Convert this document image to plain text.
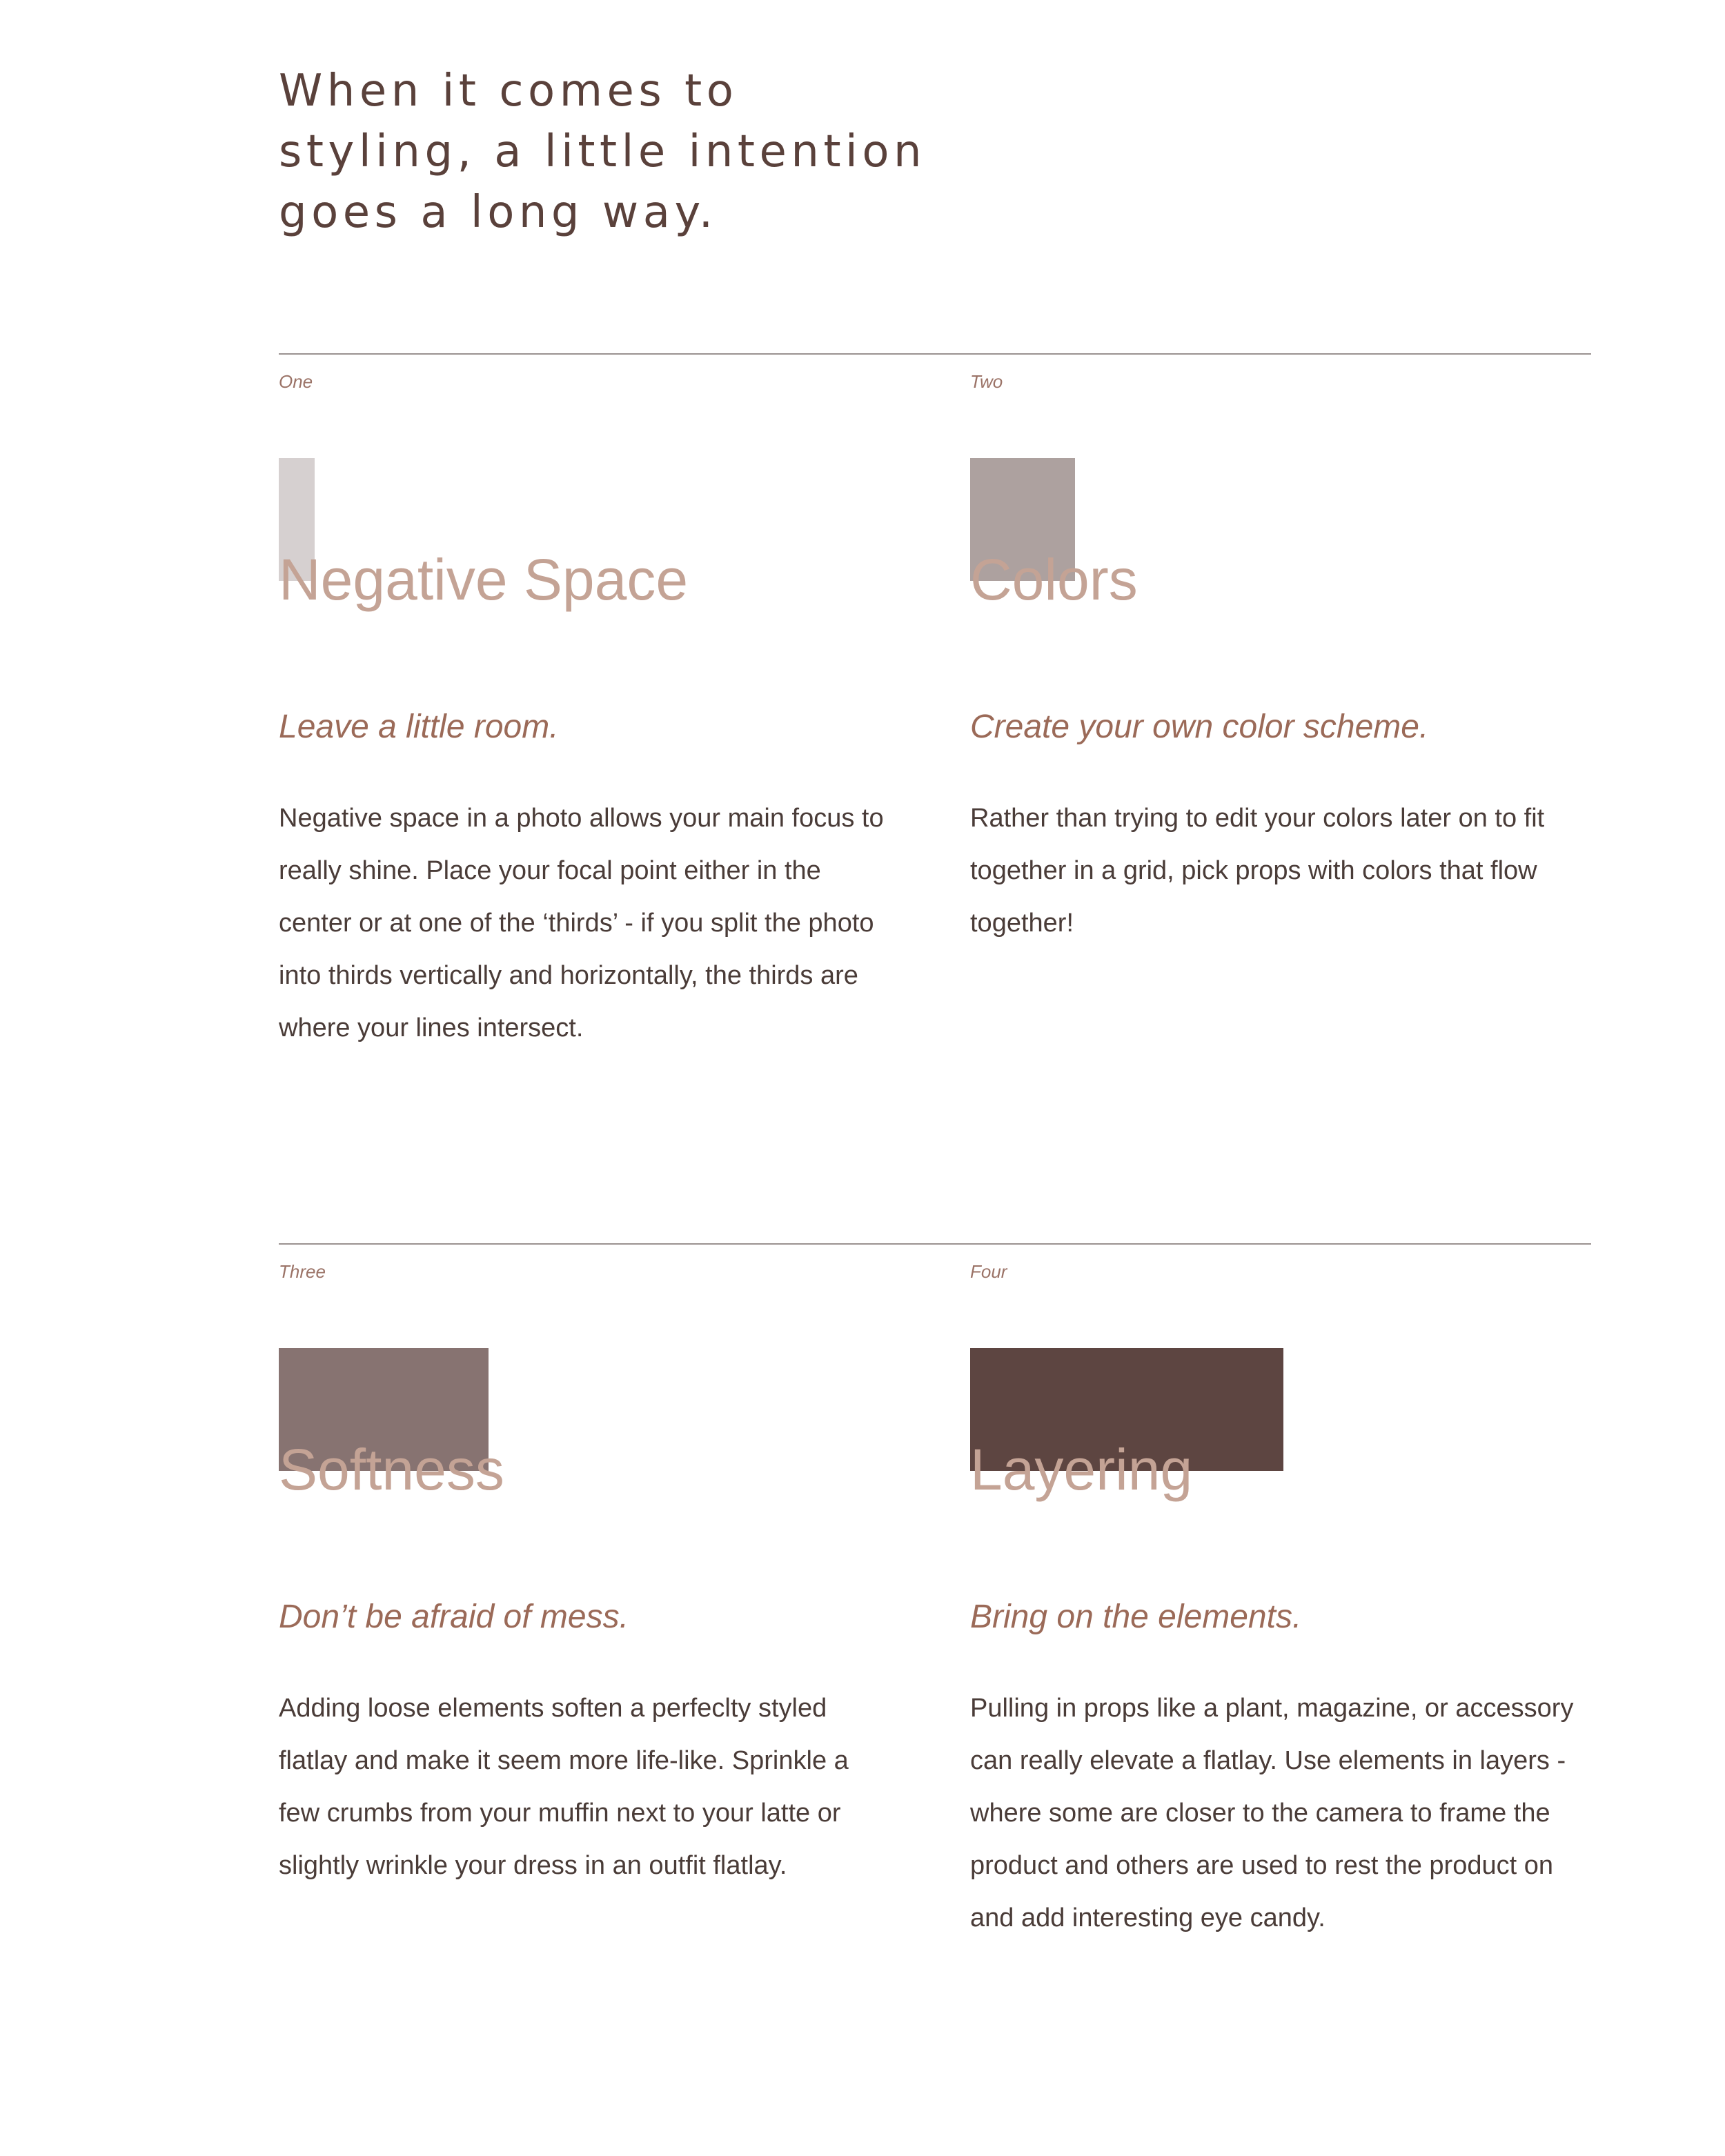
When it comes to styling, a little intention goes a long way.
One
Negative Space
Leave a little room.

Negative space in a photo allows your main focus to really shine. Place your focal point either in the center or at one of the ‘thirds’ - if you split the photo into thirds vertically and horizontally, the thirds are where your lines intersect.

Two
Colors
Create your own color scheme.

Rather than trying to edit your colors later on to fit together in a grid, pick props with colors that flow together!

Three
Softness
Don’t be afraid of mess.

Adding loose elements soften a perfeclty styled flatlay and make it seem more life-like. Sprinkle a few crumbs from your muffin next to your latte or slightly wrinkle your dress in an outfit flatlay.

Four
Layering
Bring on the elements.

Pulling in props like a plant, magazine, or accessory can really elevate a flatlay. Use elements in layers - where some are closer to the camera to frame the product and others are used to rest the product on and add interesting eye candy.
